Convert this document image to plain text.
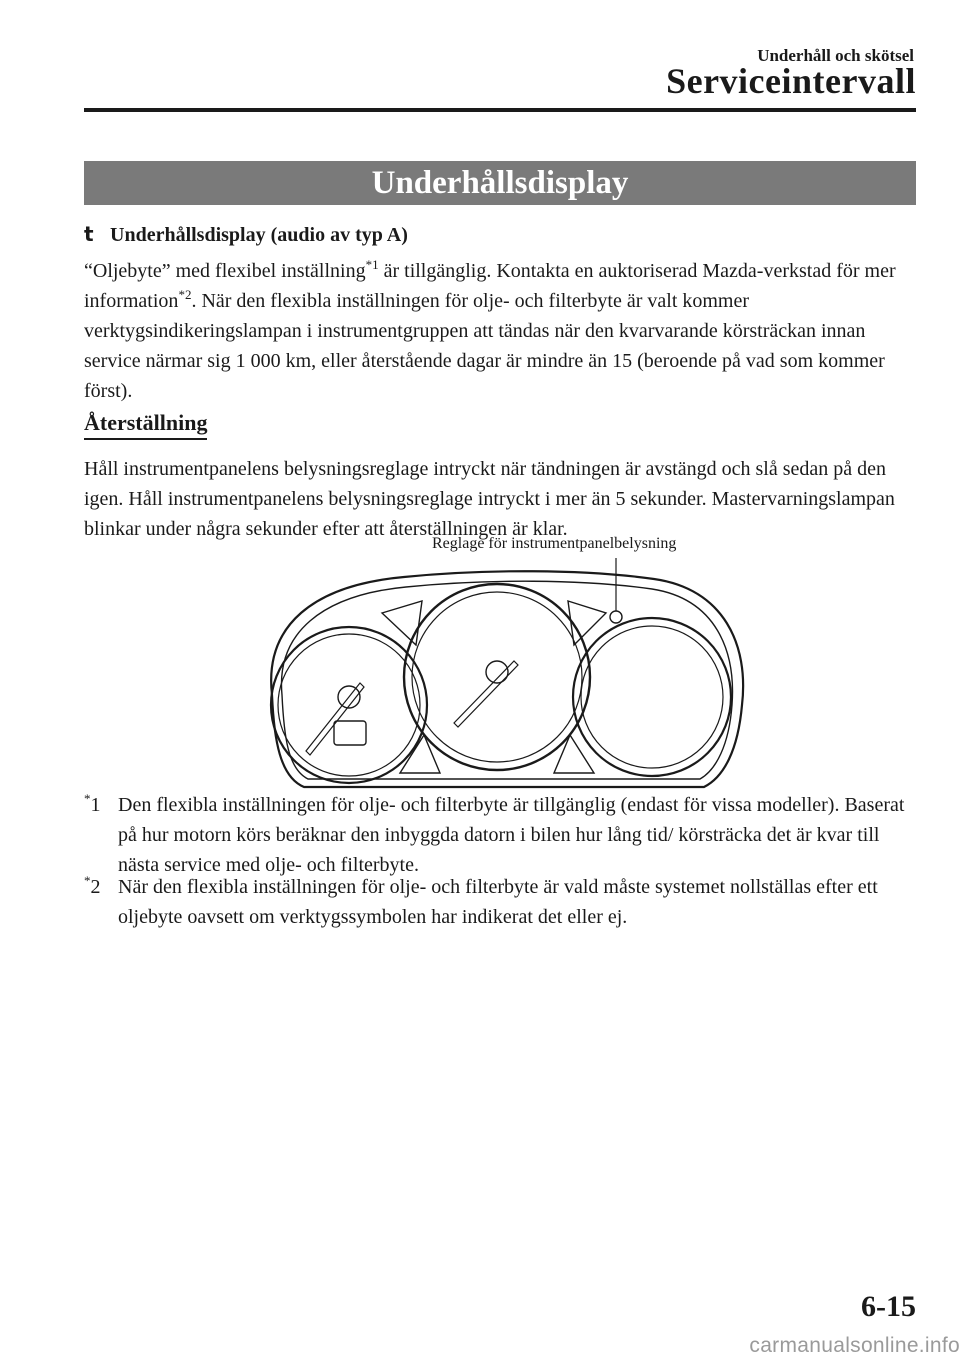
Underhåll och skötsel
Serviceintervall
Underhållsdisplay
t Underhållsdisplay (audio av typ A)
“Oljebyte” med flexibel inställning$^{*1}$ är tillgänglig. Kontakta en auktoriserad Mazda-verkstad för mer information$^{*2}$. När den flexibla inställningen för olje- och filterbyte är valt kommer verktygsindikeringslampan i instrumentgruppen att tändas när den kvarvarande körsträckan innan service närmar sig 1 000 km, eller återstående dagar är mindre än 15 (beroende på vad som kommer först).
Återställning
Håll instrumentpanelens belysningsreglage intryckt när tändningen är avstängd och slå sedan på den igen. Håll instrumentpanelens belysningsreglage intryckt i mer än 5 sekunder. Mastervarningslampan blinkar under några sekunder efter att återställningen är klar.
Reglage för instrumentpanelbelysning
*1 Den flexibla inställningen för olje- och filterbyte är tillgänglig (endast för vissa modeller). Baserat på hur motorn körs beräknar den inbyggda datorn i bilen hur lång tid/ körsträcka det är kvar till nästa service med olje- och filterbyte.
*2 När den flexibla inställningen för olje- och filterbyte är vald måste systemet nollställas efter ett oljebyte oavsett om verktygssymbolen har indikerat det eller ej.
6-15
carmanualsonline.info
